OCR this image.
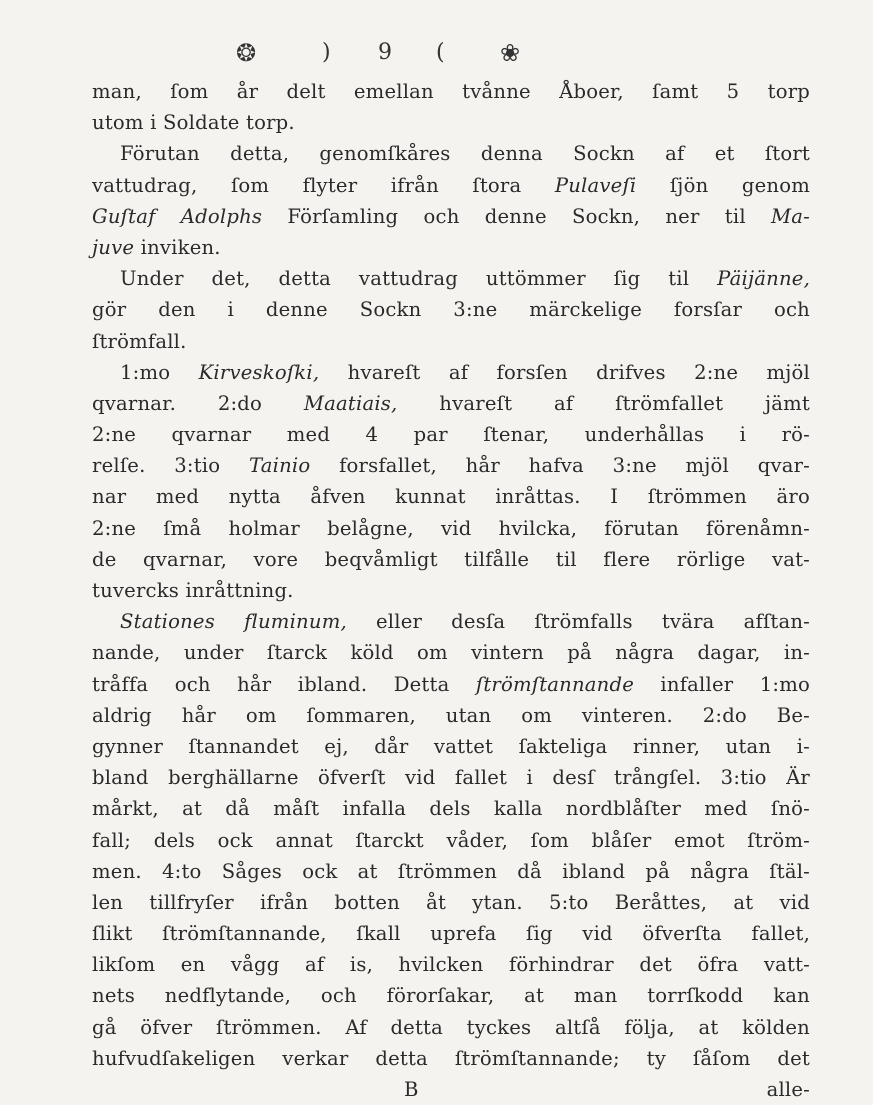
❂	) 9 ( ❀
man, ſom år delt emellan tvånne Åboer, ſamt 5 torp
utom i Soldate torp.
Förutan detta, genomſkåres denna Sockn af et ſtort
vattudrag, ſom flyter ifrån ſtora Pulaveſi ſjön genom
Guſtaf Adolphs Förſamling och denne Sockn, ner til Ma-
juve inviken.
Under det, detta vattudrag uttömmer ſig til Päijänne,
gör den i denne Sockn 3:ne märckelige forsſar och
ſtrömfall.
1:mo Kirveskoſki, hvareſt af forsſen drifves 2:ne mjöl
qvarnar. 2:do Maatiais, hvareſt af ſtrömfallet jämt
2:ne qvarnar med 4 par ſtenar, underhållas i rö-
relſe. 3:tio Tainio forsfallet, hår hafva 3:ne mjöl qvar-
nar med nytta åfven kunnat inråttas. I ſtrömmen äro
2:ne ſmå holmar belågne, vid hvilcka, förutan förenåmn-
de qvarnar, vore beqvåmligt tilfålle til flere rörlige vat-
tuvercks inråttning.
Stationes fluminum, eller desſa ſtrömfalls tvära afſtan-
nande, under ſtarck köld om vintern på några dagar, in-
tråffa och hår ibland. Detta ſtrömſtannande infaller 1:mo
aldrig hår om ſommaren, utan om vinteren. 2:do Be-
gynner ſtannandet ej, dår vattet ſakteliga rinner, utan i-
bland berghällarne öfverſt vid fallet i desſ trångſel. 3:tio Är
mårkt, at då måſt infalla dels kalla nordblåſter med ſnö-
fall; dels ock annat ſtarckt våder, ſom blåſer emot ſtröm-
men. 4:to Såges ock at ſtrömmen då ibland på några ſtäl-
len tillfryſer ifrån botten åt ytan. 5:to Beråttes, at vid
ſlikt ſtrömſtannande, ſkall uprefa ſig vid öfverſta fallet,
likſom en vågg af is, hvilcken förhindrar det öfra vatt-
nets nedflytande, och förorſakar, at man torrſkodd kan
gå öfver ſtrömmen. Af detta tyckes altſå följa, at kölden
hufvudſakeligen verkar detta ſtrömſtannande; ty ſåſom det
B	alle-
